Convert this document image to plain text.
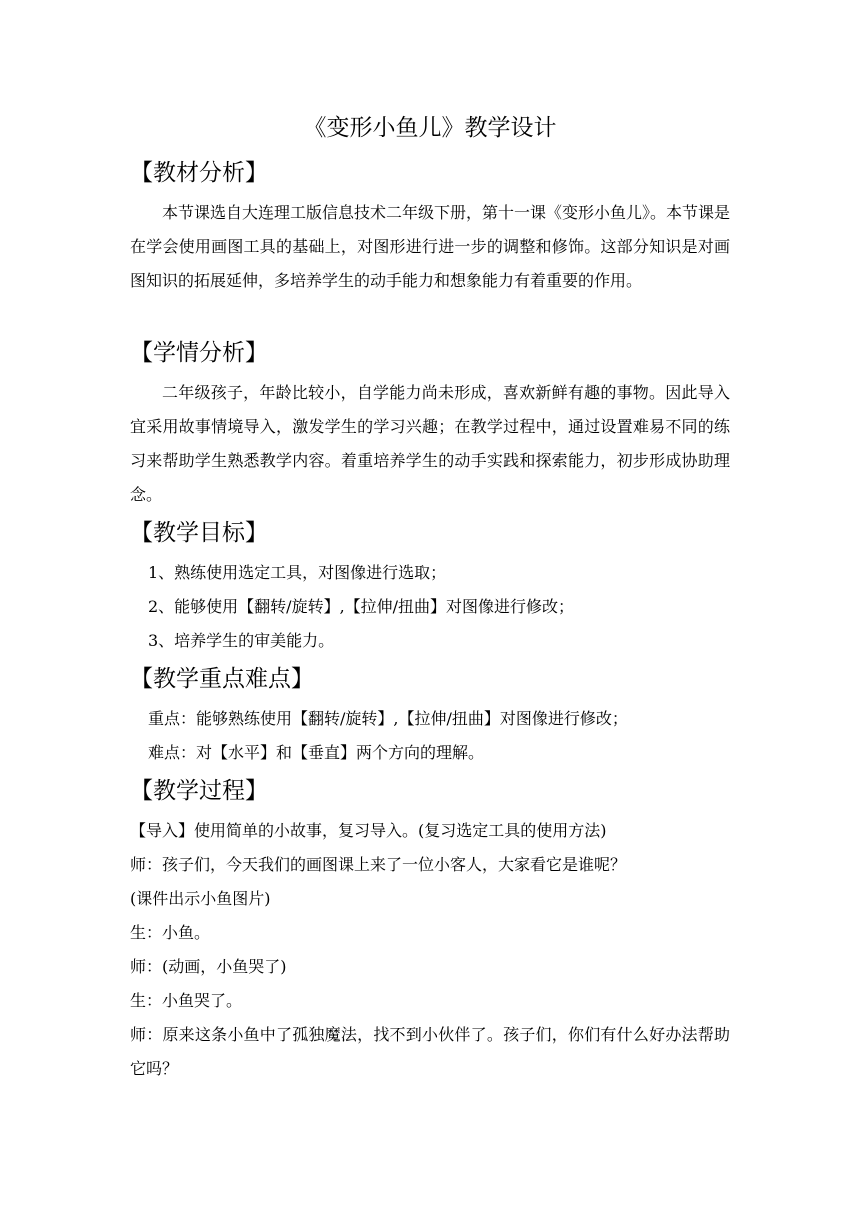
《变形小鱼儿》教学设计
【教材分析】

本节课选自大连理工版信息技术二年级下册，第十一课《变形小鱼儿》。本节课是在学会使用画图工具的基础上，对图形进行进一步的调整和修饰。这部分知识是对画图知识的拓展延伸，多培养学生的动手能力和想象能力有着重要的作用。

【学情分析】

二年级孩子，年龄比较小，自学能力尚未形成，喜欢新鲜有趣的事物。因此导入宜采用故事情境导入，激发学生的学习兴趣；在教学过程中，通过设置难易不同的练习来帮助学生熟悉教学内容。着重培养学生的动手实践和探索能力，初步形成协助理念。

【教学目标】
1、熟练使用选定工具，对图像进行选取；
2、能够使用【翻转/旋转】,【拉伸/扭曲】对图像进行修改；
3、培养学生的审美能力。
【教学重点难点】
重点：能够熟练使用【翻转/旋转】,【拉伸/扭曲】对图像进行修改；
难点：对【水平】和【垂直】两个方向的理解。
【教学过程】
【导入】使用简单的小故事，复习导入。(复习选定工具的使用方法)
师：孩子们，今天我们的画图课上来了一位小客人，大家看它是谁呢？
(课件出示小鱼图片)
生：小鱼。
师：(动画，小鱼哭了)
生：小鱼哭了。

师：原来这条小鱼中了孤独魔法，找不到小伙伴了。孩子们，你们有什么好办法帮助它吗？
